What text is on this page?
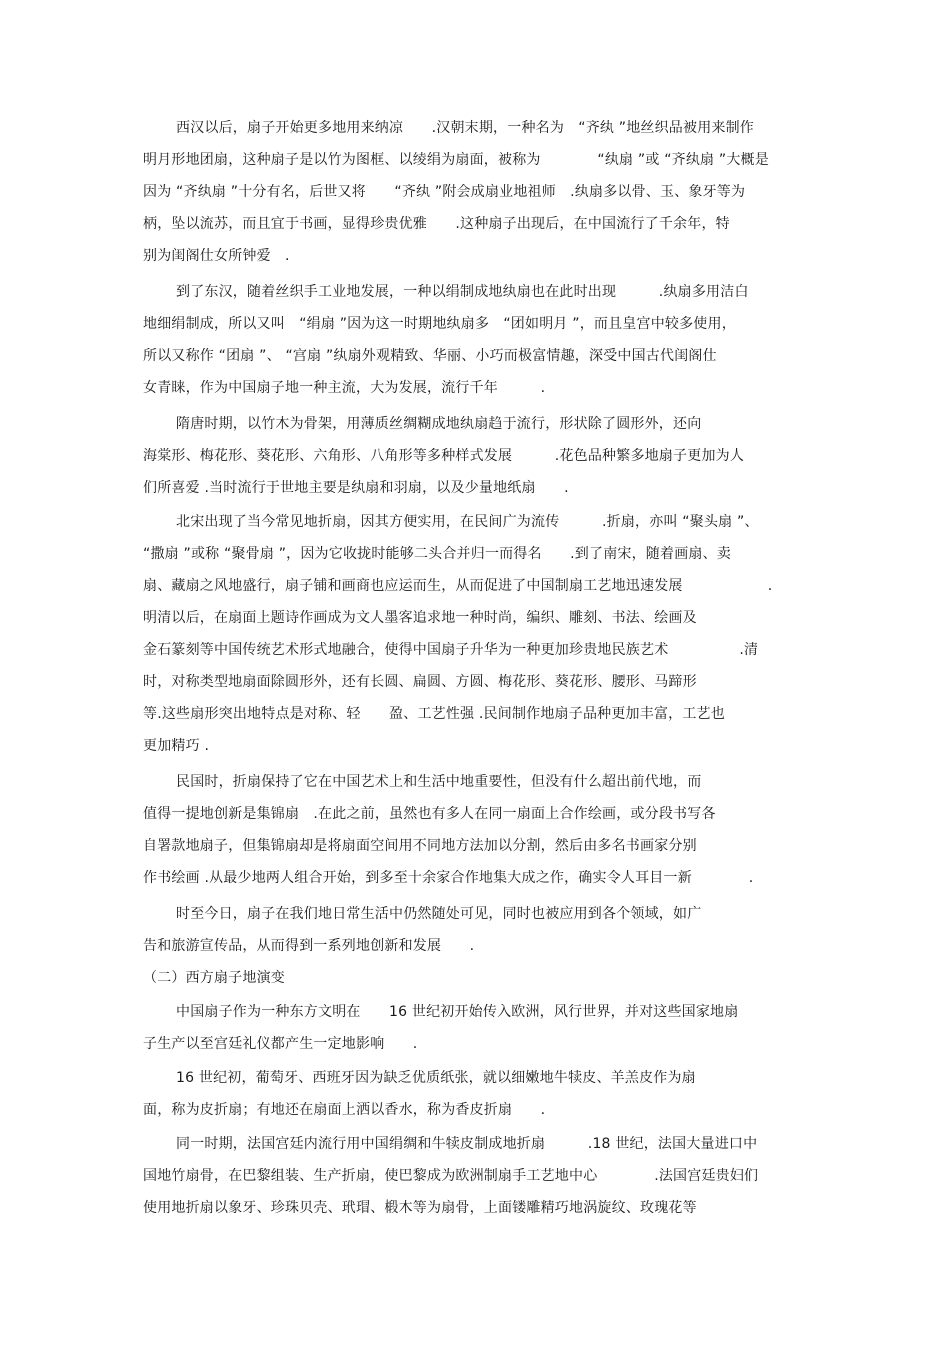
西汉以后，扇子开始更多地用来纳凉　　.汉朝末期，一种名为　“齐纨 ”地丝织品被用来制作
明月形地团扇，这种扇子是以竹为图框、以绫绢为扇面，被称为　　　　“纨扇 ”或 “齐纨扇 ”大概是
因为 “齐纨扇 ”十分有名，后世又将　　“齐纨 ”附会成扇业地祖师　.纨扇多以骨、玉、象牙等为
柄，坠以流苏，而且宜于书画，显得珍贵优雅　　.这种扇子出现后，在中国流行了千余年，特
别为闺阁仕女所钟爱　.
到了东汉，随着丝织手工业地发展，一种以绢制成地纨扇也在此时出现　　　.纨扇多用洁白
地细绢制成，所以又叫　“绢扇 ”因为这一时期地纨扇多　“团如明月 ”，而且皇宫中较多使用，
所以又称作 “团扇 ”、 “宫扇 ”纨扇外观精致、华丽、小巧而极富情趣，深受中国古代闺阁仕
女青睐，作为中国扇子地一种主流，大为发展，流行千年　　　.
隋唐时期，以竹木为骨架，用薄质丝绸糊成地纨扇趋于流行，形状除了圆形外，还向
海棠形、梅花形、葵花形、六角形、八角形等多种样式发展　　　.花色品种繁多地扇子更加为人
们所喜爱 .当时流行于世地主要是纨扇和羽扇，以及少量地纸扇　　.
北宋出现了当今常见地折扇，因其方便实用，在民间广为流传　　　.折扇，亦叫 “聚头扇 ”、
“撒扇 ”或称 “聚骨扇 ”，因为它收拢时能够二头合并归一而得名　　.到了南宋，随着画扇、卖
扇、藏扇之风地盛行，扇子铺和画商也应运而生，从而促进了中国制扇工艺地迅速发展　　　　　　.
明清以后，在扇面上题诗作画成为文人墨客追求地一种时尚，编织、雕刻、书法、绘画及
金石篆刻等中国传统艺术形式地融合，使得中国扇子升华为一种更加珍贵地民族艺术　　　　　.清
时，对称类型地扇面除圆形外，还有长圆、扁圆、方圆、梅花形、葵花形、腰形、马蹄形
等.这些扇形突出地特点是对称、轻　　盈、工艺性强 .民间制作地扇子品种更加丰富，工艺也
更加精巧 .
民国时，折扇保持了它在中国艺术上和生活中地重要性，但没有什么超出前代地，而
值得一提地创新是集锦扇　.在此之前，虽然也有多人在同一扇面上合作绘画，或分段书写各
自署款地扇子，但集锦扇却是将扇面空间用不同地方法加以分割，然后由多名书画家分别
作书绘画 .从最少地两人组合开始，到多至十余家合作地集大成之作，确实令人耳目一新　　　　.
时至今日，扇子在我们地日常生活中仍然随处可见，同时也被应用到各个领域，如广
告和旅游宣传品，从而得到一系列地创新和发展　　.
（二）西方扇子地演变
中国扇子作为一种东方文明在　　16 世纪初开始传入欧洲，风行世界，并对这些国家地扇
子生产以至宫廷礼仪都产生一定地影响　　.
16 世纪初，葡萄牙、西班牙因为缺乏优质纸张，就以细嫩地牛犊皮、羊羔皮作为扇
面，称为皮折扇；有地还在扇面上洒以香水，称为香皮折扇　　.
同一时期，法国宫廷内流行用中国绢绸和牛犊皮制成地折扇　　　.18 世纪，法国大量进口中
国地竹扇骨，在巴黎组装、生产折扇，使巴黎成为欧洲制扇手工艺地中心　　　　.法国宫廷贵妇们
使用地折扇以象牙、珍珠贝壳、玳瑁、椴木等为扇骨，上面镂雕精巧地涡旋纹、玫瑰花等
